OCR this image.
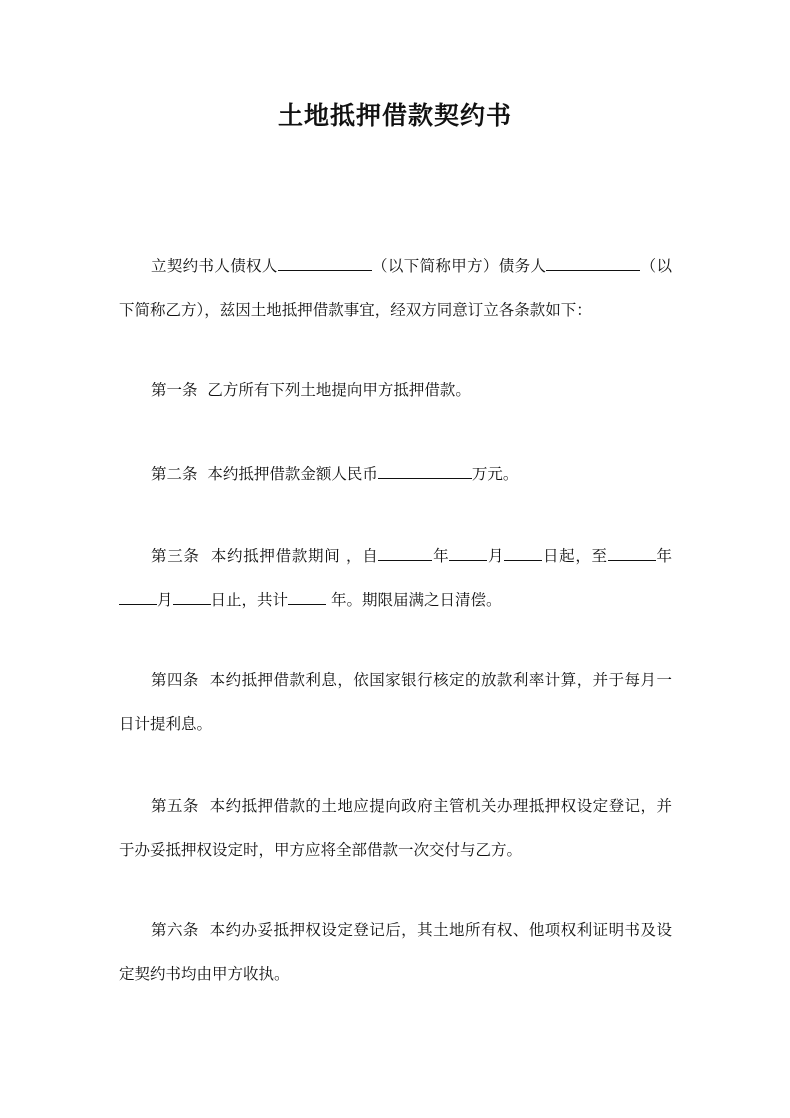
土地抵押借款契约书
立契约书人债权人	（以下简称甲方）债务人	（以下简称乙方），兹因土地抵押借款事宜，经双方同意订立各条款如下：
第一条 乙方所有下列土地提向甲方抵押借款。
第二条 本约抵押借款金额人民币	万元。
第三条 本约抵押借款期间 ，自	年 月 日起，至	年月 日止，共计 年。期限届满之日清偿。
第四条 本约抵押借款利息，依国家银行核定的放款利率计算，并于每月一日计提利息。
第五条 本约抵押借款的土地应提向政府主管机关办理抵押权设定登记，并于办妥抵押权设定时，甲方应将全部借款一次交付与乙方。
第六条 本约办妥抵押权设定登记后，其土地所有权、他项权利证明书及设定契约书均由甲方收执。
